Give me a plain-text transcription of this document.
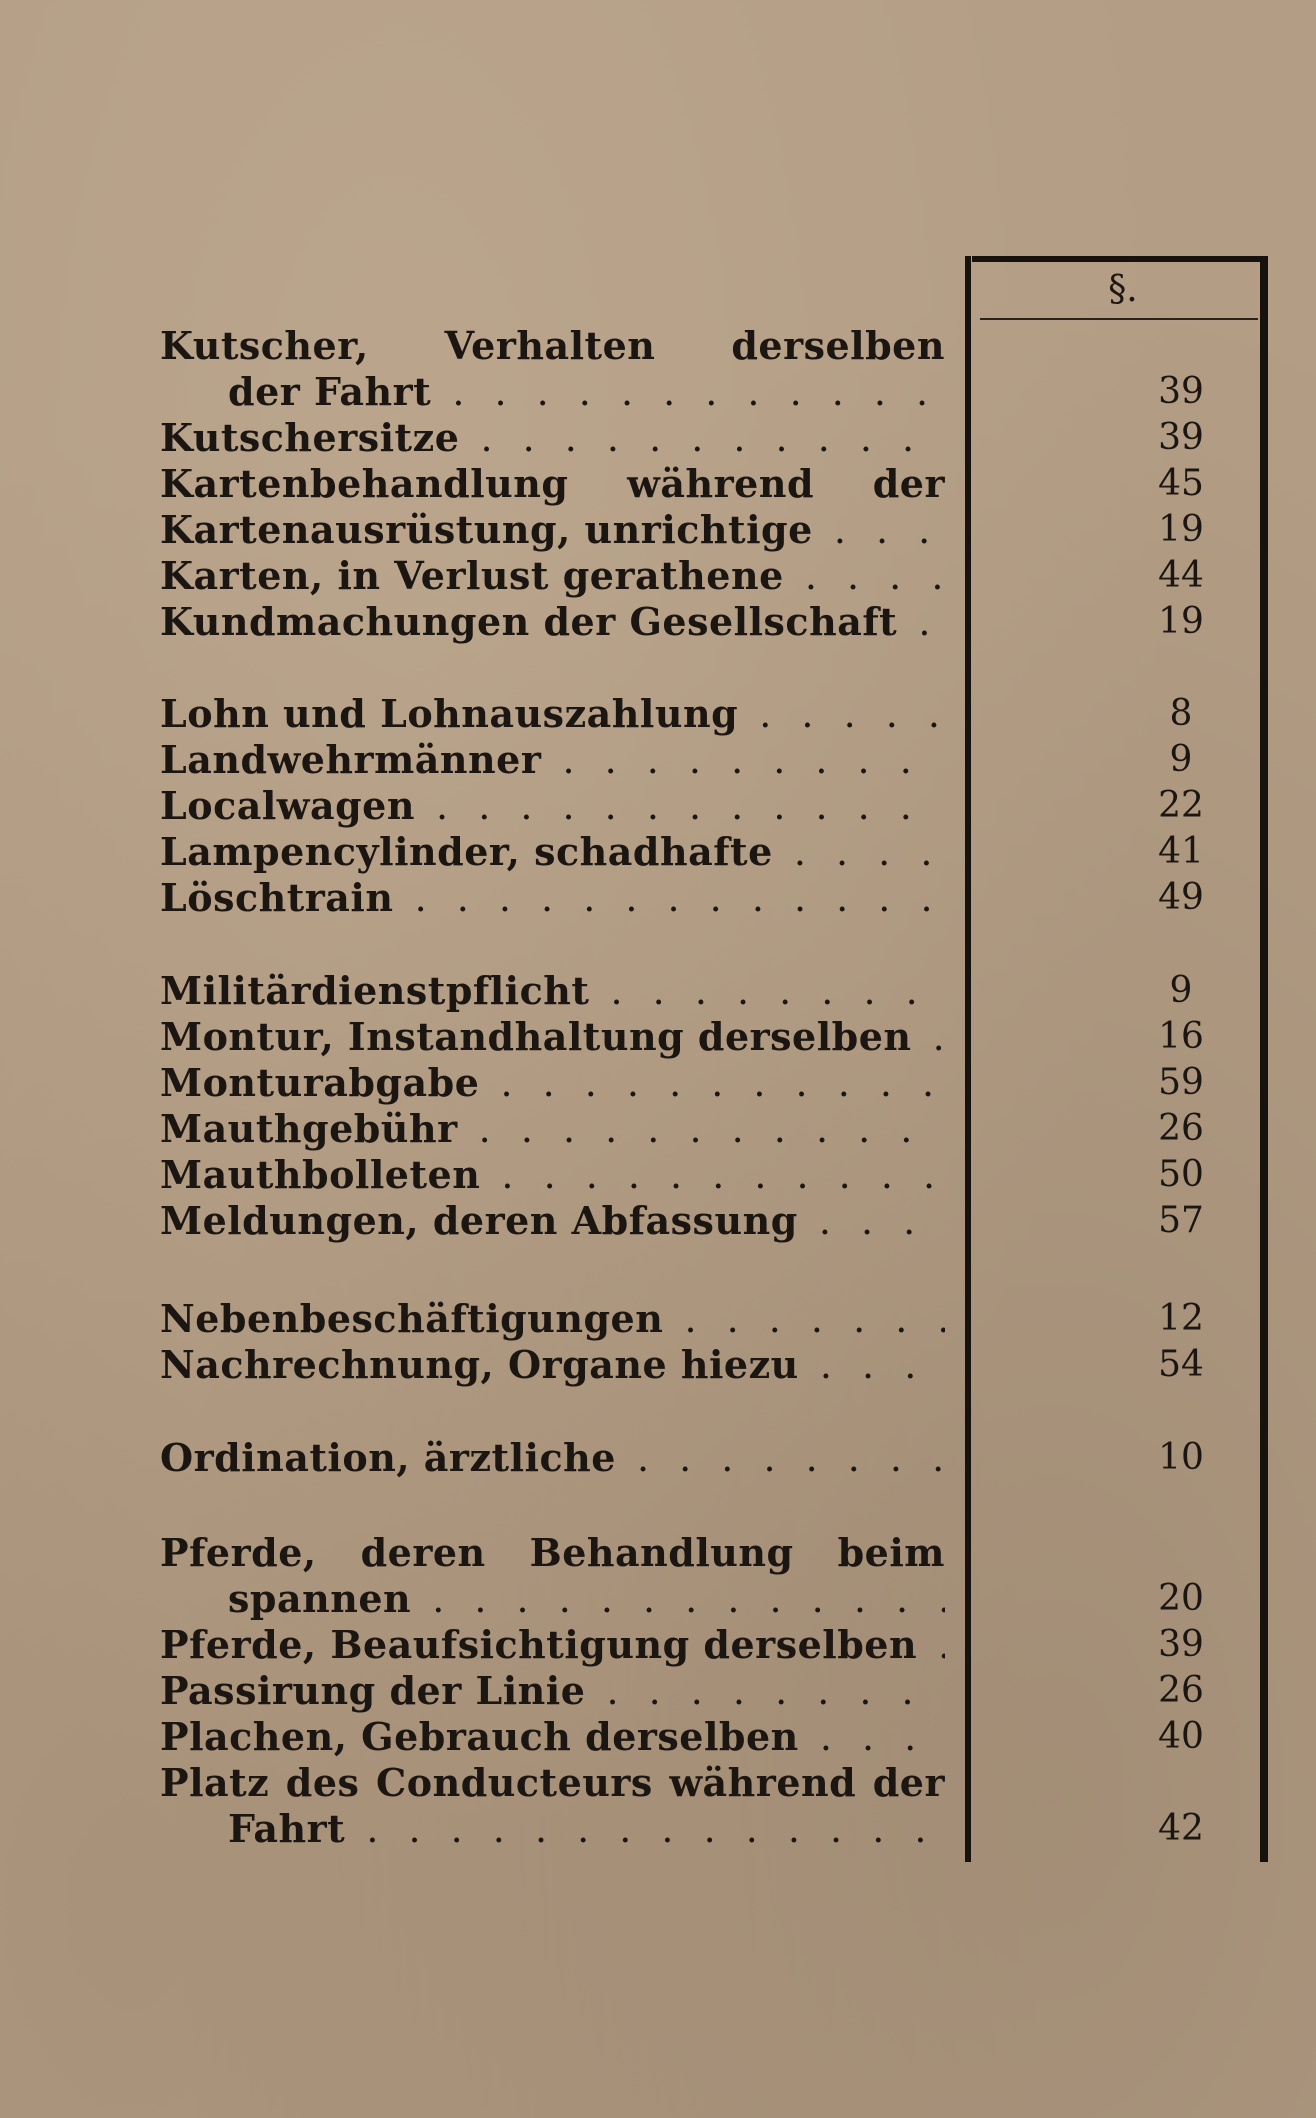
§.
Kutscher, Verhalten derselben
der Fahrt . . .	39
Kutschersitze . . .	39
Kartenbehandlung während der	45
Kartenausrüstung, unrichtige . . .	19
Karten, in Verlust gerathene . . .	44
Kundmachungen der Gesellschaft . . .	19
Lohn und Lohnauszahlung . . .	8
Landwehrmänner . . .	9
Localwagen . . .	22
Lampencylinder, schadhafte . . .	41
Löschtrain . . .	49
Militärdienstpflicht . . .	9
Montur, Instandhaltung derselben . . .	16
Monturabgabe . . .	59
Mauthgebühr . . .	26
Mauthbolleten . . .	50
Meldungen, deren Abfassung . . .	57
Nebenbeschäftigungen . . .	12
Nachrechnung, Organe hiezu . . .	54
Ordination, ärztliche . . .	10
Pferde, deren Behandlung beim
spannen . . .	20
Pferde, Beaufsichtigung derselben . . .	39
Passirung der Linie . . .	26
Plachen, Gebrauch derselben . . .	40
Platz des Conducteurs während der
Fahrt . . .	42
